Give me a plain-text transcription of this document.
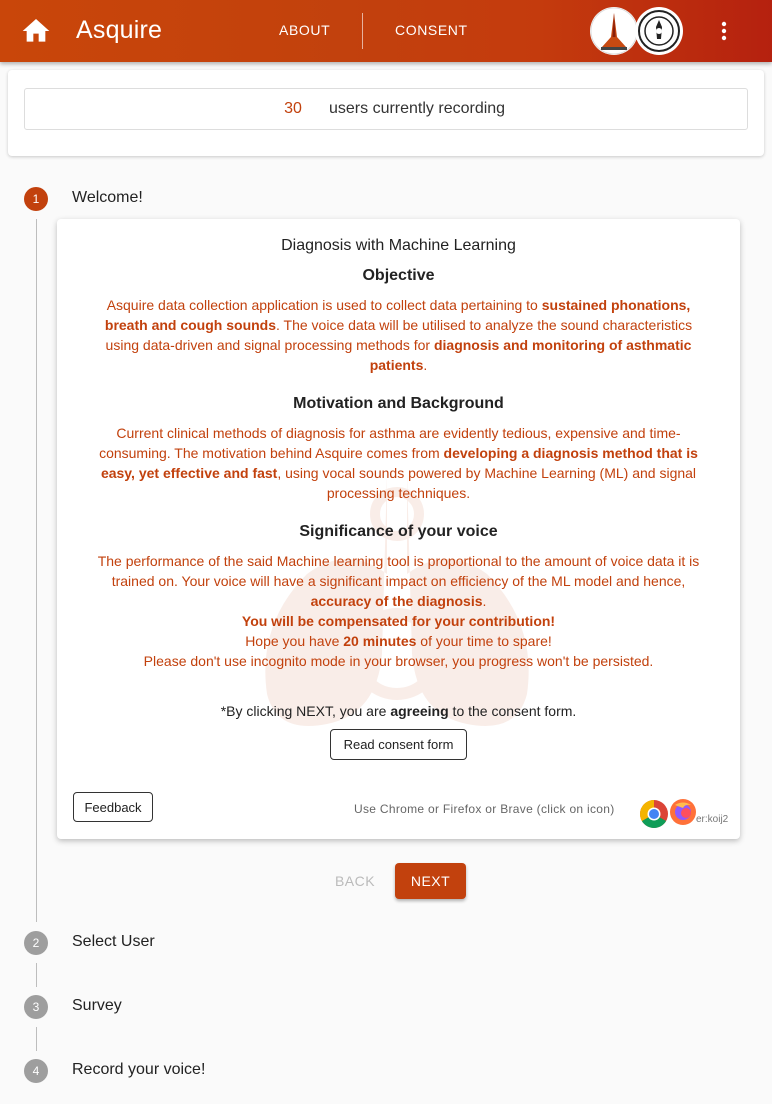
Asquire	ABOUT	CONSENT
30	users currently recording
1	Welcome!
Diagnosis with Machine Learning
Objective
Asquire data collection application is used to collect data pertaining to sustained phonations, breath and cough sounds. The voice data will be utilised to analyze the sound characteristics using data-driven and signal processing methods for diagnosis and monitoring of asthmatic patients.
Motivation and Background
Current clinical methods of diagnosis for asthma are evidently tedious, expensive and time-consuming. The motivation behind Asquire comes from developing a diagnosis method that is easy, yet effective and fast, using vocal sounds powered by Machine Learning (ML) and signal processing techniques.
Significance of your voice
The performance of the said Machine learning tool is proportional to the amount of voice data it is trained on. Your voice will have a significant impact on efficiency of the ML model and hence, accuracy of the diagnosis.
You will be compensated for your contribution!
Hope you have 20 minutes of your time to spare!
Please don't use incognito mode in your browser, you progress won't be persisted.
*By clicking NEXT, you are agreeing to the consent form.
Read consent form
Feedback	Use Chrome or Firefox or Brave (click on icon)
er:koij2
BACK	NEXT
2	Select User
3	Survey
4	Record your voice!
